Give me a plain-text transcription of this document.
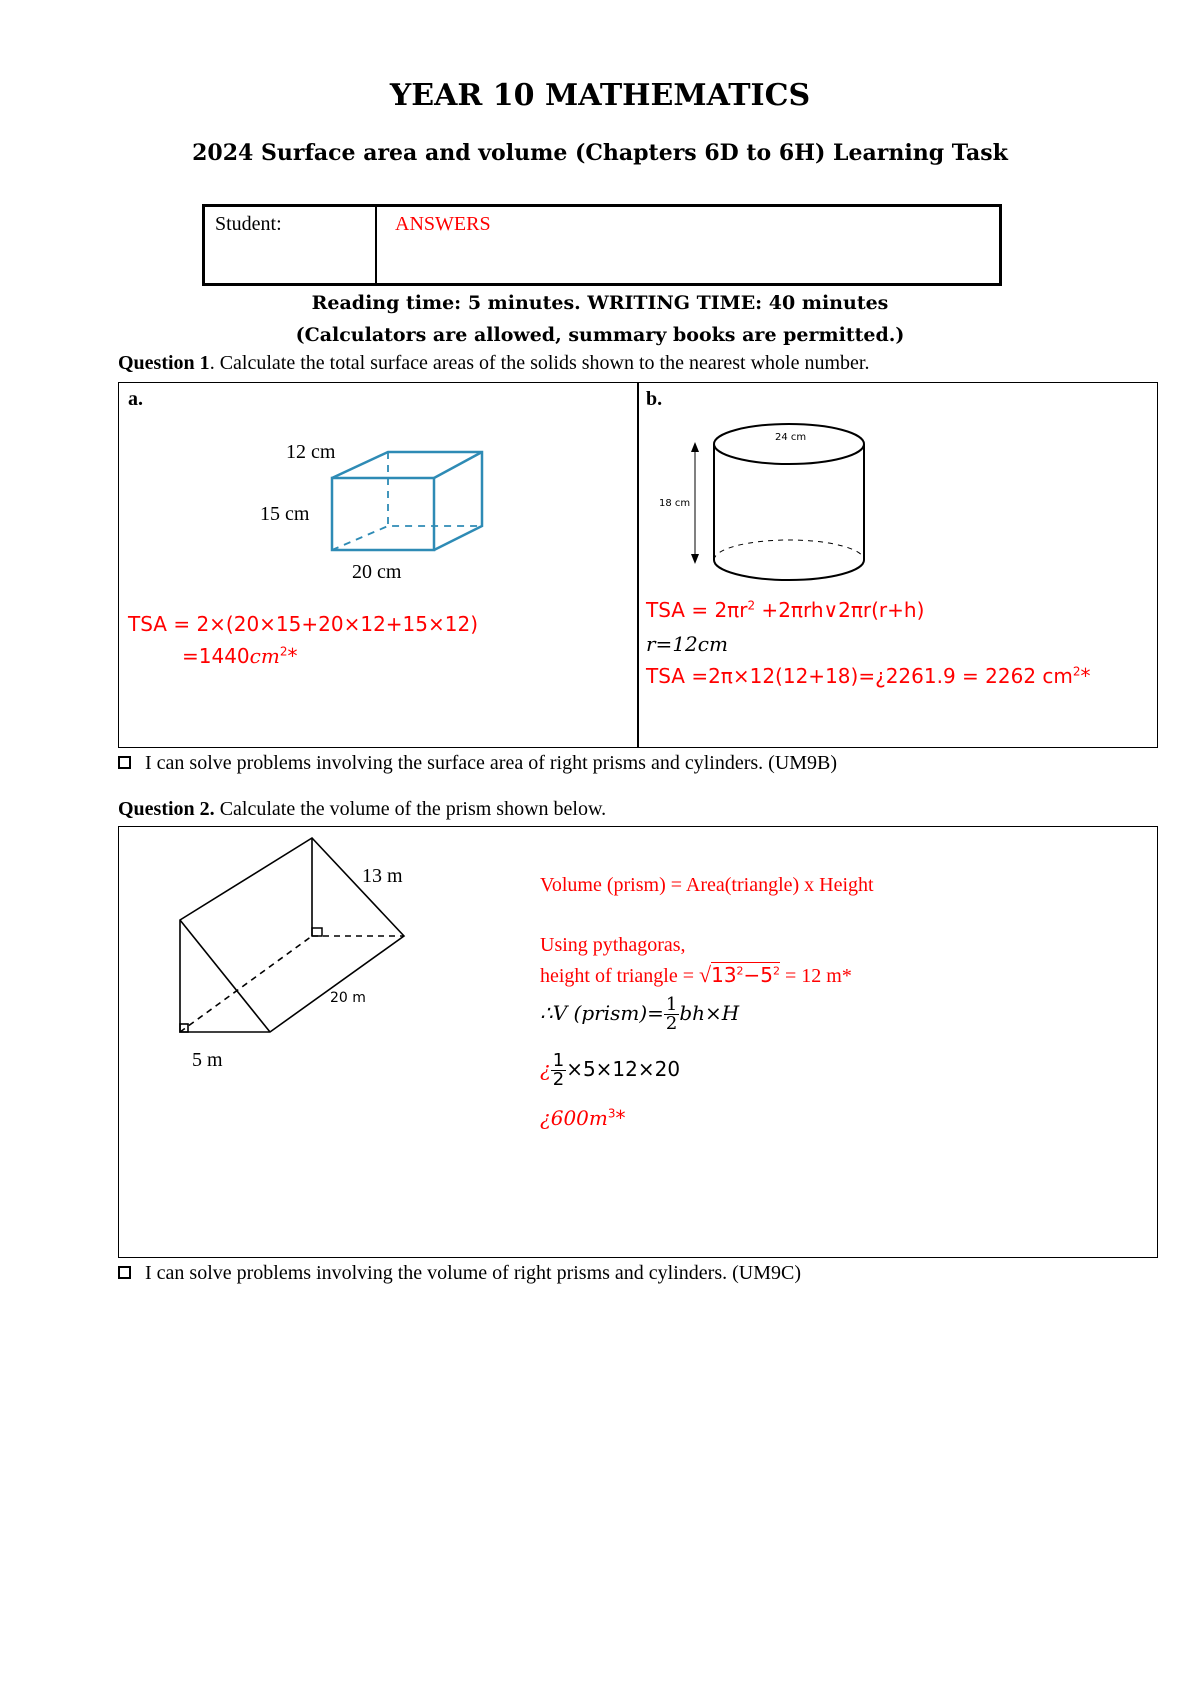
YEAR 10 MATHEMATICS
2024 Surface area and volume (Chapters 6D to 6H) Learning Task
Student:	ANSWERS
Reading time: 5 minutes. WRITING TIME: 40 minutes
(Calculators are allowed, summary books are permitted.)
Question 1. Calculate the total surface areas of the solids shown to the nearest whole number.
a.
12 cm
15 cm
20 cm
TSA = 2×(20×15+20×12+15×12)
$=1440cm^2*$
b.
24 cm
18 cm
TSA = $2\pi r^2$ +2πrh∨2πr(r+h)
r=12cm
TSA =2π×12(12+18)=¿2261.9 = 2262 $cm^2*$
I can solve problems involving the surface area of right prisms and cylinders. (UM9B)
Question 2. Calculate the volume of the prism shown below.
13 m
20 m
5 m
Volume (prism) = Area(triangle) x Height
Using pythagoras,
height of triangle = $√13^2-5^2 = 12$ m*
∴V (prism)= $\frac{1}{2} bh\times H$
¿ $\frac{1}{2} \times 5\times 12\times 20$
¿$600m^3*$
I can solve problems involving the volume of right prisms and cylinders. (UM9C)
